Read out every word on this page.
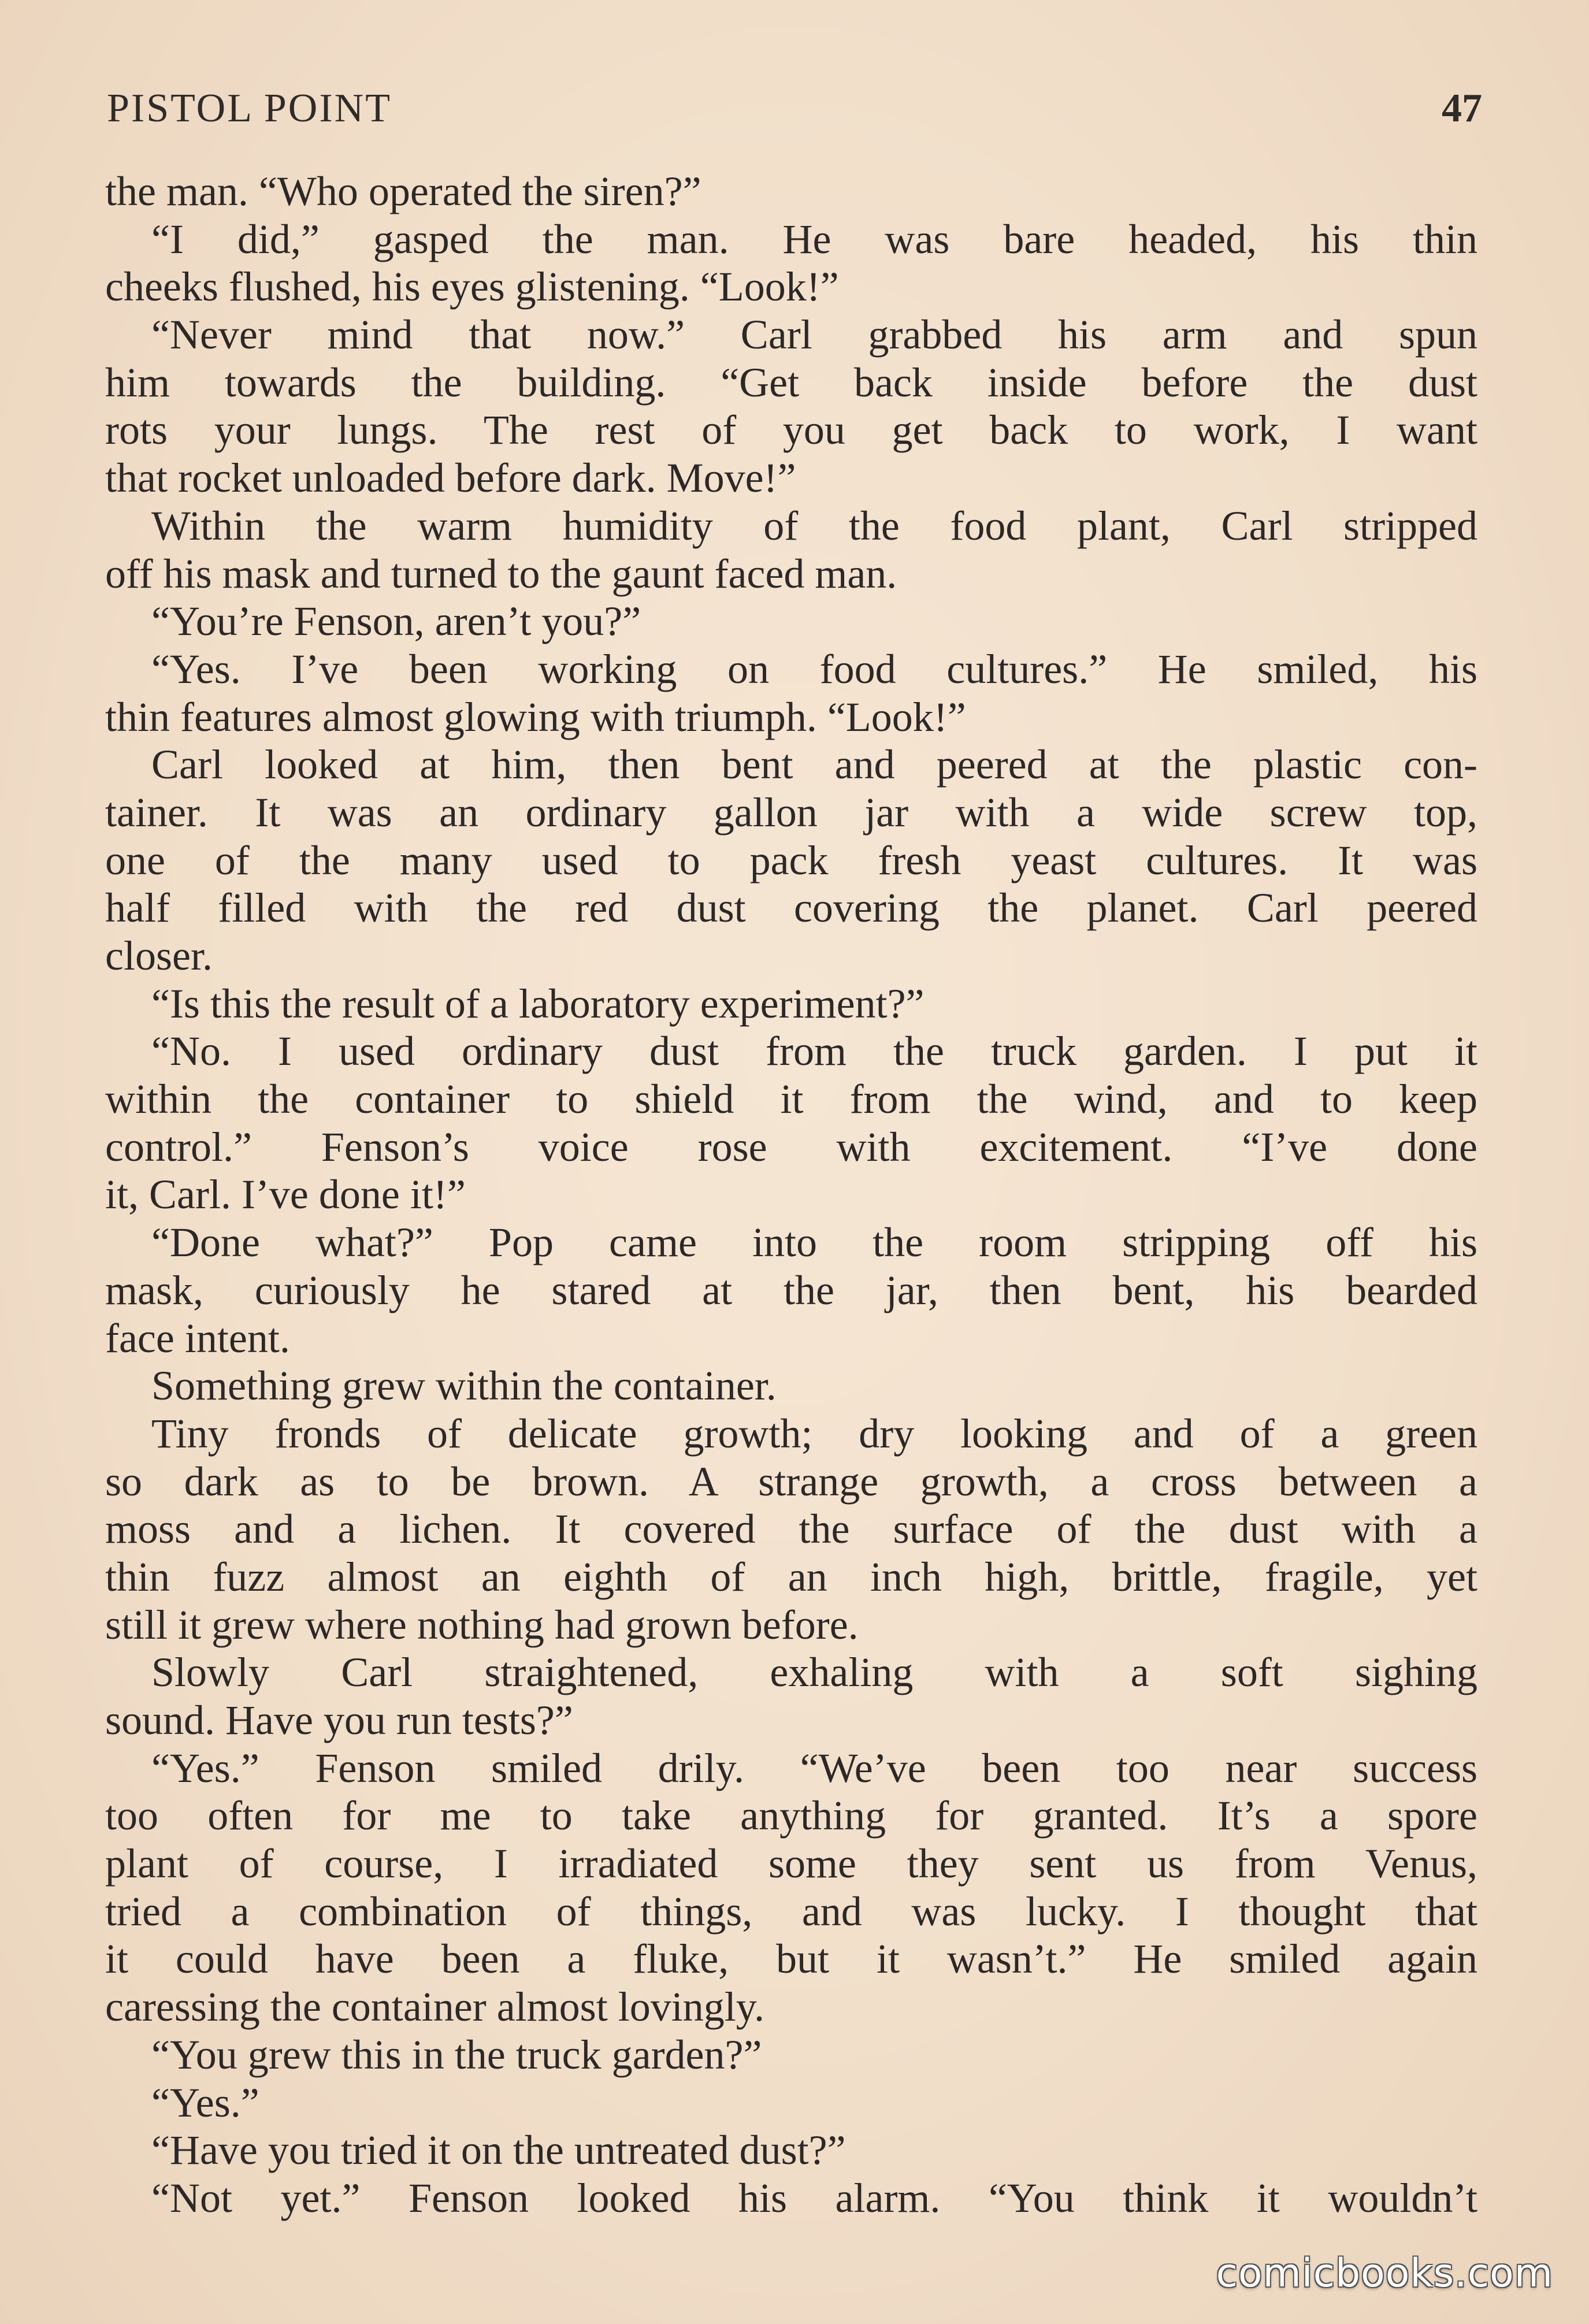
PISTOL POINT	47
the man. “Who operated the siren?”
“I did,” gasped the man. He was bare headed, his thin
cheeks flushed, his eyes glistening. “Look!”
“Never mind that now.” Carl grabbed his arm and spun
him towards the building. “Get back inside before the dust
rots your lungs. The rest of you get back to work, I want
that rocket unloaded before dark. Move!”
Within the warm humidity of the food plant, Carl stripped
off his mask and turned to the gaunt faced man.
“You’re Fenson, aren’t you?”
“Yes. I’ve been working on food cultures.” He smiled, his
thin features almost glowing with triumph. “Look!”
Carl looked at him, then bent and peered at the plastic con-
tainer. It was an ordinary gallon jar with a wide screw top,
one of the many used to pack fresh yeast cultures. It was
half filled with the red dust covering the planet. Carl peered
closer.
“Is this the result of a laboratory experiment?”
“No. I used ordinary dust from the truck garden. I put it
within the container to shield it from the wind, and to keep
control.” Fenson’s voice rose with excitement. “I’ve done
it, Carl. I’ve done it!”
“Done what?” Pop came into the room stripping off his
mask, curiously he stared at the jar, then bent, his bearded
face intent.
Something grew within the container.
Tiny fronds of delicate growth; dry looking and of a green
so dark as to be brown. A strange growth, a cross between a
moss and a lichen. It covered the surface of the dust with a
thin fuzz almost an eighth of an inch high, brittle, fragile, yet
still it grew where nothing had grown before.
Slowly Carl straightened, exhaling with a soft sighing
sound. Have you run tests?”
“Yes.” Fenson smiled drily. “We’ve been too near success
too often for me to take anything for granted. It’s a spore
plant of course, I irradiated some they sent us from Venus,
tried a combination of things, and was lucky. I thought that
it could have been a fluke, but it wasn’t.” He smiled again
caressing the container almost lovingly.
“You grew this in the truck garden?”
“Yes.”
“Have you tried it on the untreated dust?”
“Not yet.” Fenson looked his alarm. “You think it wouldn’t
comicbooks.com
